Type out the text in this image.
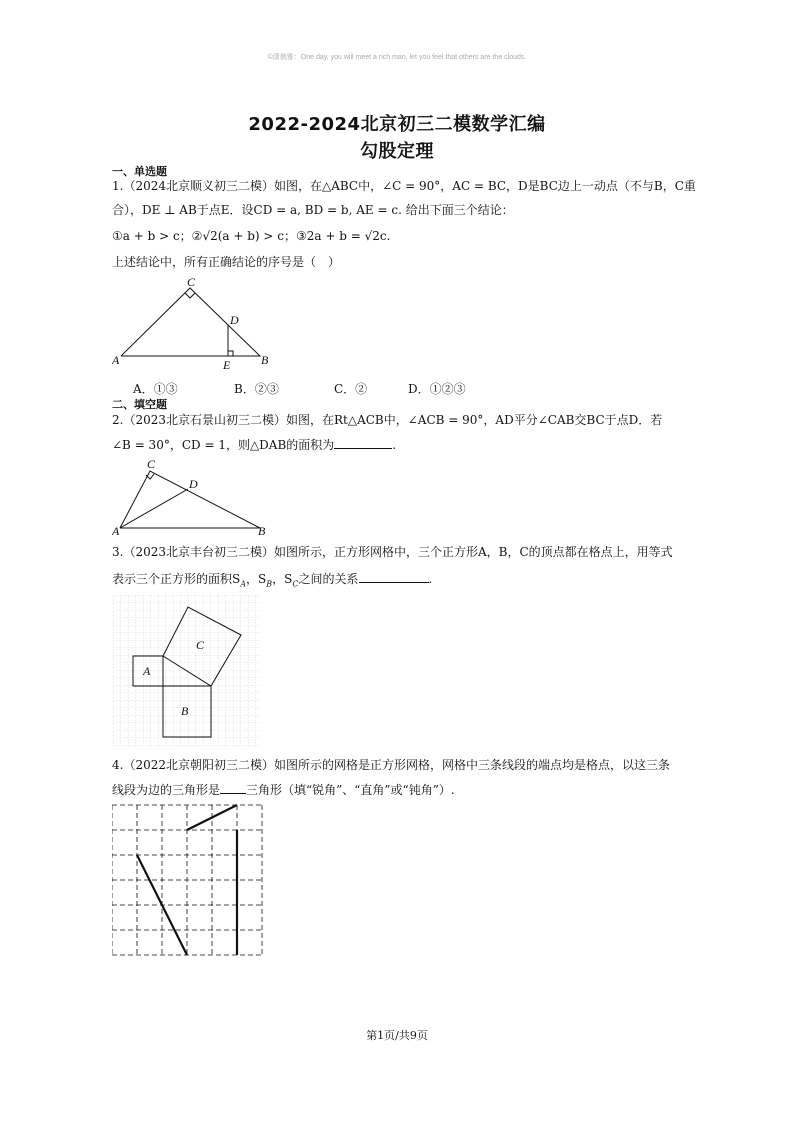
©潇俄雅：One day, you will meet a rich man, let you feel that others are the clouds.
2022-2024北京初三二模数学汇编
勾股定理
一、单选题
1.（2024北京顺义初三二模）如图，在△ABC中，∠C = 90°，AC = BC，D是BC边上一动点（不与B，C重
合），DE ⊥ AB于点E．设CD = a, BD = b, AE = c. 给出下面三个结论：
①a + b > c；②√2(a + b) > c；③2a + b = √2c.
上述结论中，所有正确结论的序号是（　）
C
D
A	B
E
A．①③	B．②③	C．②	D．①②③
二、填空题
2.（2023北京石景山初三二模）如图，在Rt△ACB中，∠ACB = 90°，AD平分∠CAB交BC于点D．若
∠B = 30°，CD = 1，则△DAB的面积为	.
C
D
A	B
3.（2023北京丰台初三二模）如图所示，正方形网格中，三个正方形A，B，C的顶点都在格点上，用等式
表示三个正方形的面积$S_A$，$S_B$，$S_C$之间的关系	.
A
C
B
4.（2022北京朝阳初三二模）如图所示的网格是正方形网格，网格中三条线段的端点均是格点，以这三条
线段为边的三角形是 三角形（填“锐角”、“直角”或“钝角”）.
第1页/共9页
